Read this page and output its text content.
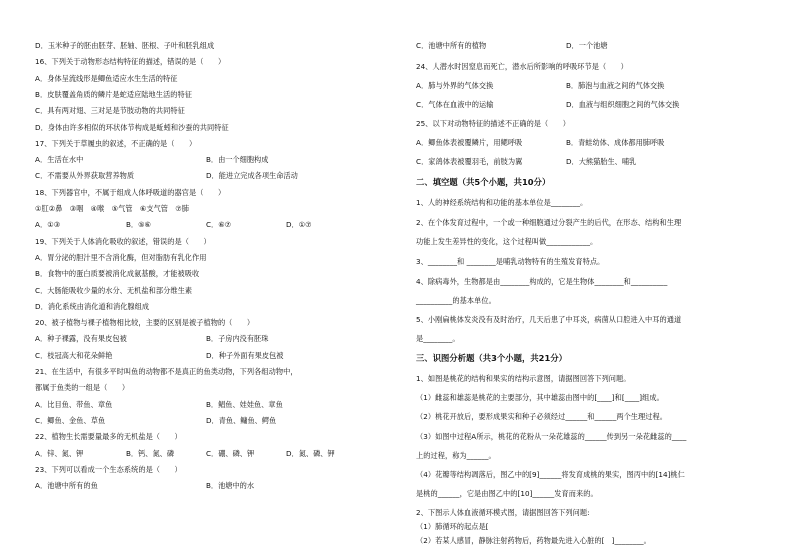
D．玉米种子的胚由胚芽、胚轴、胚根、子叶和胚乳组成
16、下列关于动物形态结构特征的描述，错误的是（　　）
A．身体呈流线形是鲫鱼适应水生生活的特征
B．皮肤覆盖角质的鳞片是蛇适应陆地生活的特征
C．具有两对翅、三对足是节肢动物的共同特征
D．身体由许多相似的环状体节构成是蚯蚓和沙蚕的共同特征
17、下列关于草履虫的叙述，不正确的是（　　）
A．生活在水中	B．由一个细胞构成
C．不需要从外界获取营养物质	D．能进立完成各项生命活动
18、下列器官中，不属于组成人体呼吸道的器官是（　　）
①肛②鼻　③咽　④喉　⑤气管　⑥支气管　⑦肺
A．①③	B．⑤⑥	C．⑥⑦	D．①⑦
19、下列关于人体消化吸收的叙述，错误的是（　　）
A．胃分泌的胆汁里不含消化酶，但对脂肪有乳化作用
B．食物中的蛋白质要被消化成氨基酸，才能被吸收
C．大肠能吸收少量的水分、无机盐和部分维生素
D．消化系统由消化道和消化腺组成
20、被子植物与裸子植物相比较，主要的区别是被子植物的（　　）
A．种子裸露，没有果皮包被	B．子房内没有胚珠
C．枝冠高大和花朵鲜艳	D．种子外面有果皮包被
21、在生活中，有很多平时叫鱼的动物都不是真正的鱼类动物，下列各组动物中，
都属于鱼类的一组是（　　）
A．比目鱼、带鱼、章鱼	B．鲳鱼、娃娃鱼、章鱼
C．鲫鱼、金鱼、草鱼	D．青鱼、鳙鱼、鳄鱼
22、植物生长需要量最多的无机盐是（　　）
A．锌、氮、钾	B．钙、氮、磷	C．硼、磷、钾	D．氮、磷、钾
23、下列可以看成一个生态系统的是（　　）
A．池塘中所有的鱼	B．池塘中的水
C．池塘中所有的植物	D．一个池塘
24、人潜水时因窒息而死亡，潜水后所影响的呼吸环节是（　　）
A．肺与外界的气体交换	B．肺泡与血液之间的气体交换
C．气体在血液中的运输	D．血液与组织细胞之间的气体交换
25、以下对动物特征的描述不正确的是（　　）
A．鲫鱼体表被覆鳞片，用鳃呼吸	B．青蛙幼体、成体都用肺呼吸
C．家鸽体表被覆羽毛，前肢为翼	D．大熊猫胎生、哺乳
二、填空题（共5个小题，共10分）
1、人的神经系统结构和功能的基本单位是________。
2、在个体发育过程中，一个或一种细胞通过分裂产生的后代，在形态、结构和生理
功能上发生差异性的变化，这个过程叫做____________。
3、________和 ________是哺乳动物特有的生殖发育特点。
4、除病毒外，生物都是由________构成的，它是生物体________和__________
__________的基本单位。
5、小刚扁桃体发炎没有及时治疗，几天后患了中耳炎，病菌从口腔进入中耳的通道
是________。
三、识图分析题（共3个小题，共21分）
1、如图是桃花的结构和果实的结构示意图，请据图回答下列问题。
（1）雌蕊和雄蕊是桃花的主要部分，其中雄蕊由图中的[____]和[____]组成。
（2）桃花开放后，要形成果实和种子必须经过______和______两个生理过程。
（3）如图中过程A所示，桃花的花粉从一朵花雄蕊的______传到另一朵花雌蕊的____
上的过程，称为______。
（4）花瓣等结构凋落后，图乙中的[9]______将发育成桃的果实，图丙中的[14]桃仁
是桃的______，它是由图乙中的[10]______发育而来的。
2、下图示人体血液循环模式图，请据图回答下列问题:
（1）肺循环的起点是[
（2）若某人感冒，静脉注射药物后，药物最先进入心脏的[　]________。
